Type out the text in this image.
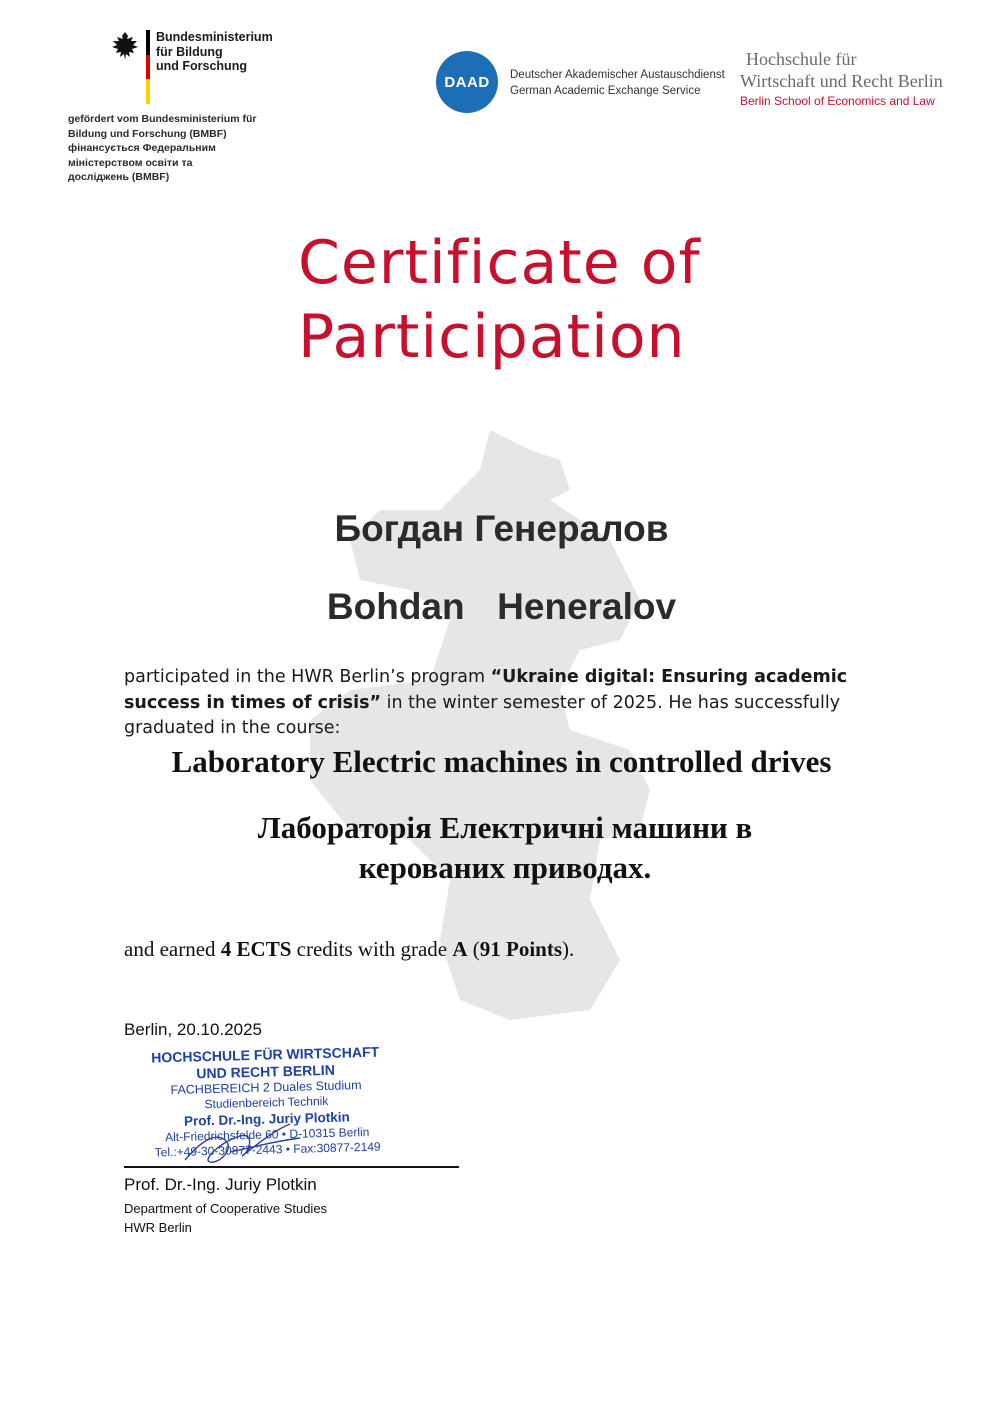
Bundesministerium
für Bildung
und Forschung
gefördert vom Bundesministerium für
Bildung und Forschung (BMBF)
фінансується Федеральним
міністерством освіти та
досліджень (BMBF)
DAAD	Deutscher Akademischer Austauschdienst
German Academic Exchange Service
Hochschule für
Wirtschaft und Recht Berlin
Berlin School of Economics and Law
Certificate of
Participation
Богдан Генералов
Bohdan  Heneralov
participated in the HWR Berlin’s program “Ukraine digital: Ensuring academic success in times of crisis” in the winter semester of 2025. He has successfully graduated in the course:
Laboratory Electric machines in controlled drives
Лабораторія Електричні машини в керованих приводах.
and earned 4 ECTS credits with grade A (91 Points).
Berlin, 20.10.2025
HOCHSCHULE FÜR WIRTSCHAFT
UND RECHT BERLIN
FACHBEREICH 2 Duales Studium
Studienbereich Technik
Prof. Dr.-Ing. Juriy Plotkin
Alt-Friedrichsfelde 60 • D-10315 Berlin
Tel.:+49-30-30877-2443 • Fax:30877-2149
Prof. Dr.-Ing. Juriy Plotkin
Department of Cooperative Studies
HWR Berlin
